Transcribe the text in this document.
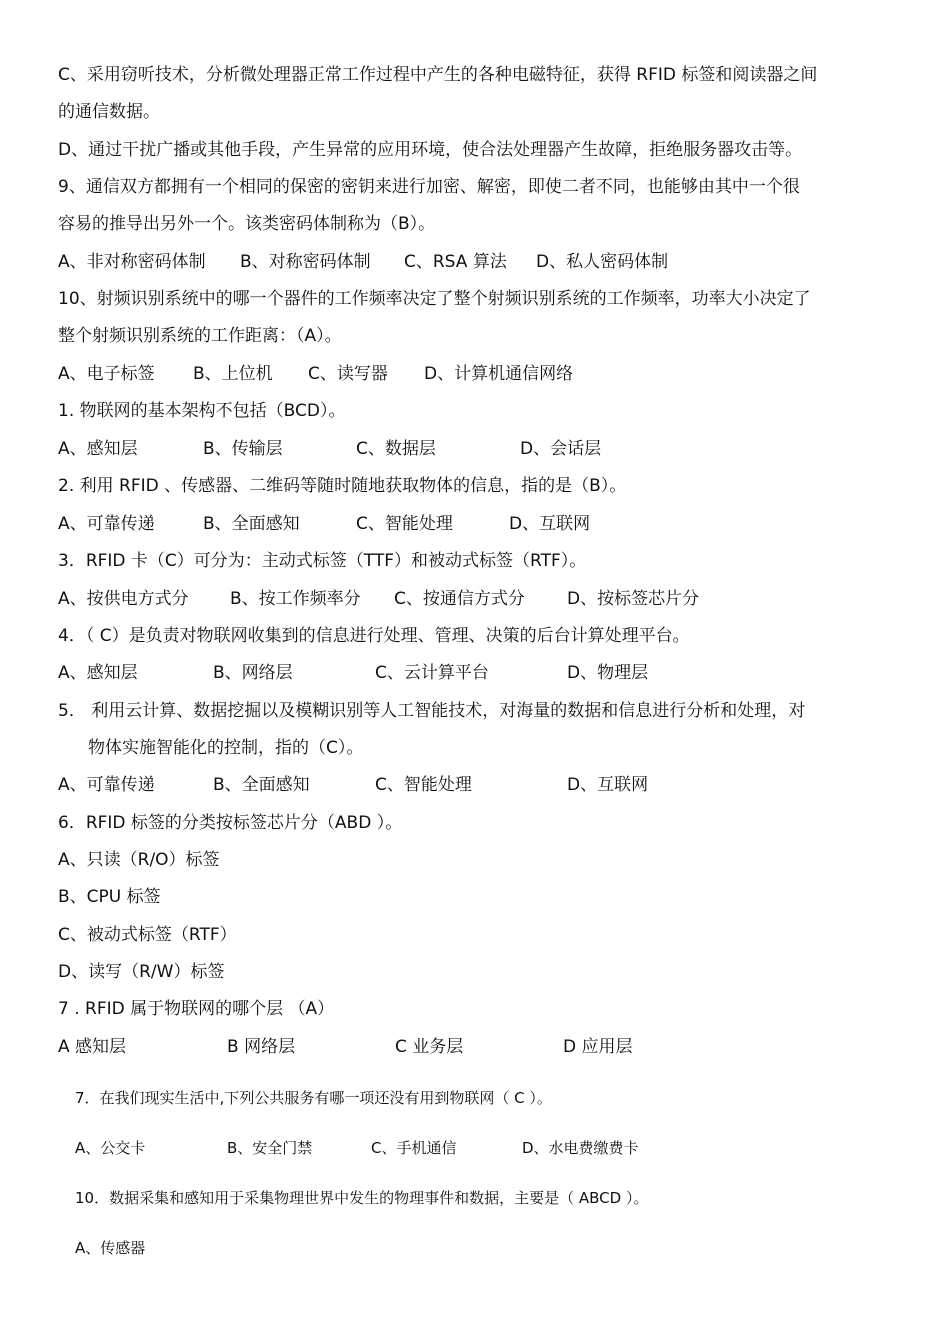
C、采用窃听技术，分析微处理器正常工作过程中产生的各种电磁特征，获得 RFID 标签和阅读器之间
的通信数据。
D、通过干扰广播或其他手段，产生异常的应用环境，使合法处理器产生故障，拒绝服务器攻击等。
9、通信双方都拥有一个相同的保密的密钥来进行加密、解密，即使二者不同，也能够由其中一个很
容易的推导出另外一个。该类密码体制称为（B）。
A、非对称密码体制 B、对称密码体制 C、RSA 算法 D、私人密码体制
10、射频识别系统中的哪一个器件的工作频率决定了整个射频识别系统的工作频率，功率大小决定了
整个射频识别系统的工作距离：（A）。
A、电子标签 B、上位机 C、读写器 D、计算机通信网络
1. 物联网的基本架构不包括（BCD）。
A、感知层	B、传输层	C、数据层	D、会话层
2. 利用 RFID 、传感器、二维码等随时随地获取物体的信息，指的是（B）。
A、可靠传递	B、全面感知	C、智能处理	D、互联网
3．RFID 卡（C）可分为：主动式标签（TTF）和被动式标签（RTF）。
A、按供电方式分 B、按工作频率分 C、按通信方式分 D、按标签芯片分
4．（ C）是负责对物联网收集到的信息进行处理、管理、决策的后台计算处理平台。
A、感知层	B、网络层	C、云计算平台	D、物理层
5． 利用云计算、数据挖掘以及模糊识别等人工智能技术，对海量的数据和信息进行分析和处理，对
物体实施智能化的控制，指的（C）。
A、可靠传递	B、全面感知	C、智能处理	D、互联网
6．RFID 标签的分类按标签芯片分（ABD ）。
A、只读（R/O）标签
B、CPU 标签
C、被动式标签（RTF）
D、读写（R/W）标签
7 . RFID 属于物联网的哪个层 （A）
A 感知层	B 网络层	C 业务层	D 应用层
7．在我们现实生活中,下列公共服务有哪一项还没有用到物联网（ C ）。
A、公交卡	B、安全门禁	C、手机通信	D、水电费缴费卡
10．数据采集和感知用于采集物理世界中发生的物理事件和数据，主要是（ ABCD ）。
A、传感器
